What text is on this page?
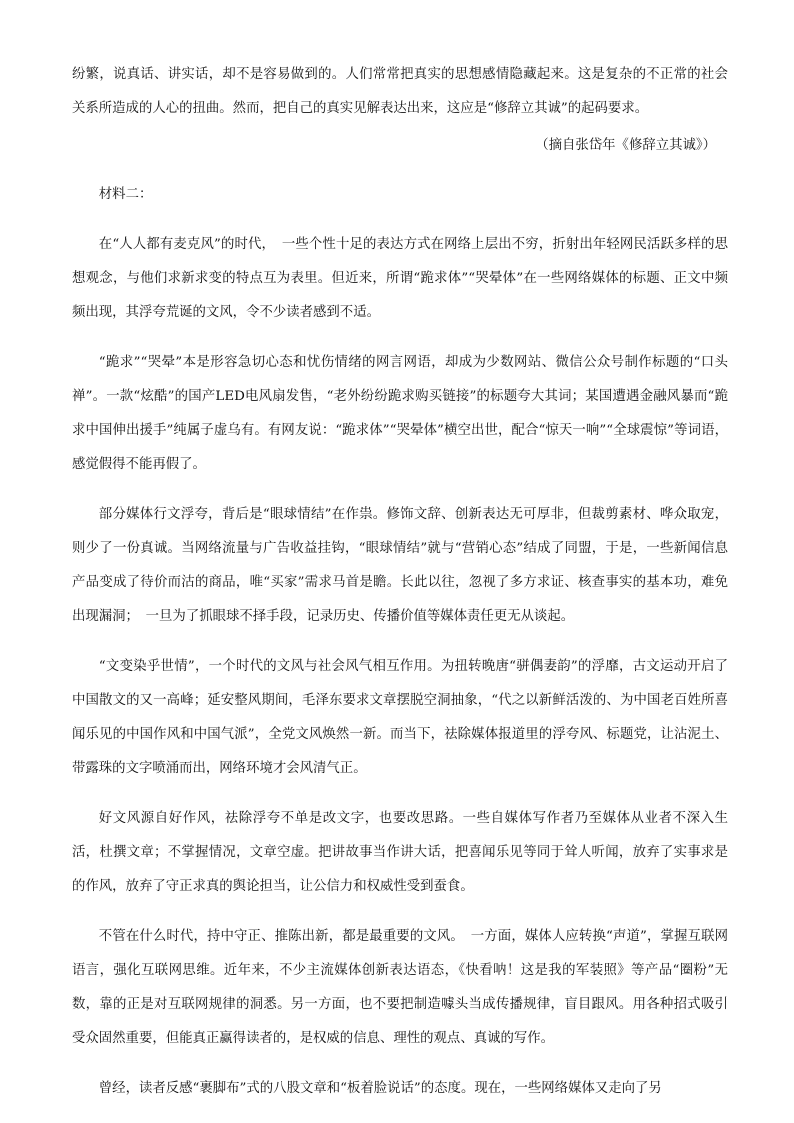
纷繁，说真话、讲实话，却不是容易做到的。人们常常把真实的思想感情隐藏起来。这是复杂的不正常的社会关系所造成的人心的扭曲。然而，把自己的真实见解表达出来，这应是“修辞立其诚”的起码要求。

（摘自张岱年《修辞立其诚》）

材料二：

在“人人都有麦克风”的时代，　一些个性十足的表达方式在网络上层出不穷，折射出年轻网民活跃多样的思想观念，与他们求新求变的特点互为表里。但近来，所谓“跪求体”“哭晕体”在一些网络媒体的标题、正文中频频出现，其浮夸荒诞的文风，令不少读者感到不适。

“跪求”“哭晕”本是形容急切心态和忧伤情绪的网言网语，却成为少数网站、微信公众号制作标题的“口头禅”。一款“炫酷”的国产LED电风扇发售，“老外纷纷跪求购买链接”的标题夸大其词；某国遭遇金融风暴而“跪求中国伸出援手”纯属子虚乌有。有网友说：“跪求体”“哭晕体”横空出世，配合“惊天一响”“全球震惊”等词语，感觉假得不能再假了。

部分媒体行文浮夸，背后是“眼球情结”在作祟。修饰文辞、创新表达无可厚非，但裁剪素材、哗众取宠，则少了一份真诚。当网络流量与广告收益挂钩，“眼球情结”就与“营销心态”结成了同盟，于是，一些新闻信息产品变成了待价而沽的商品，唯“买家”需求马首是瞻。长此以往，忽视了多方求证、核查事实的基本功，难免出现漏洞；　一旦为了抓眼球不择手段，记录历史、传播价值等媒体责任更无从谈起。

“文变染乎世情”，一个时代的文风与社会风气相互作用。为扭转晚唐“骈偶妻韵”的浮靡，古文运动开启了中国散文的又一高峰；延安整风期间，毛泽东要求文章摆脱空洞抽象，“代之以新鲜活泼的、为中国老百姓所喜闻乐见的中国作风和中国气派”，全党文风焕然一新。而当下，祛除媒体报道里的浮夸风、标题党，让沾泥土、带露珠的文字喷涌而出，网络环境才会风清气正。

好文风源自好作风，祛除浮夸不单是改文字，也要改思路。一些自媒体写作者乃至媒体从业者不深入生活，杜撰文章；不掌握情况，文章空虚。把讲故事当作讲大话，把喜闻乐见等同于耸人听闻，放弃了实事求是的作风，放弃了守正求真的舆论担当，让公信力和权威性受到蚕食。

不管在什么时代，持中守正、推陈出新，都是最重要的文风。　一方面，媒体人应转换“声道”，掌握互联网语言，强化互联网思维。近年来，不少主流媒体创新表达语态，《快看呐！这是我的军装照》等产品“圈粉”无数，靠的正是对互联网规律的洞悉。另一方面，也不要把制造噱头当成传播规律，盲目跟风。用各种招式吸引受众固然重要，但能真正赢得读者的，是权威的信息、理性的观点、真诚的写作。

曾经，读者反感“裹脚布”式的八股文章和“板着脸说话”的态度。现在，一些网络媒体又走向了另
